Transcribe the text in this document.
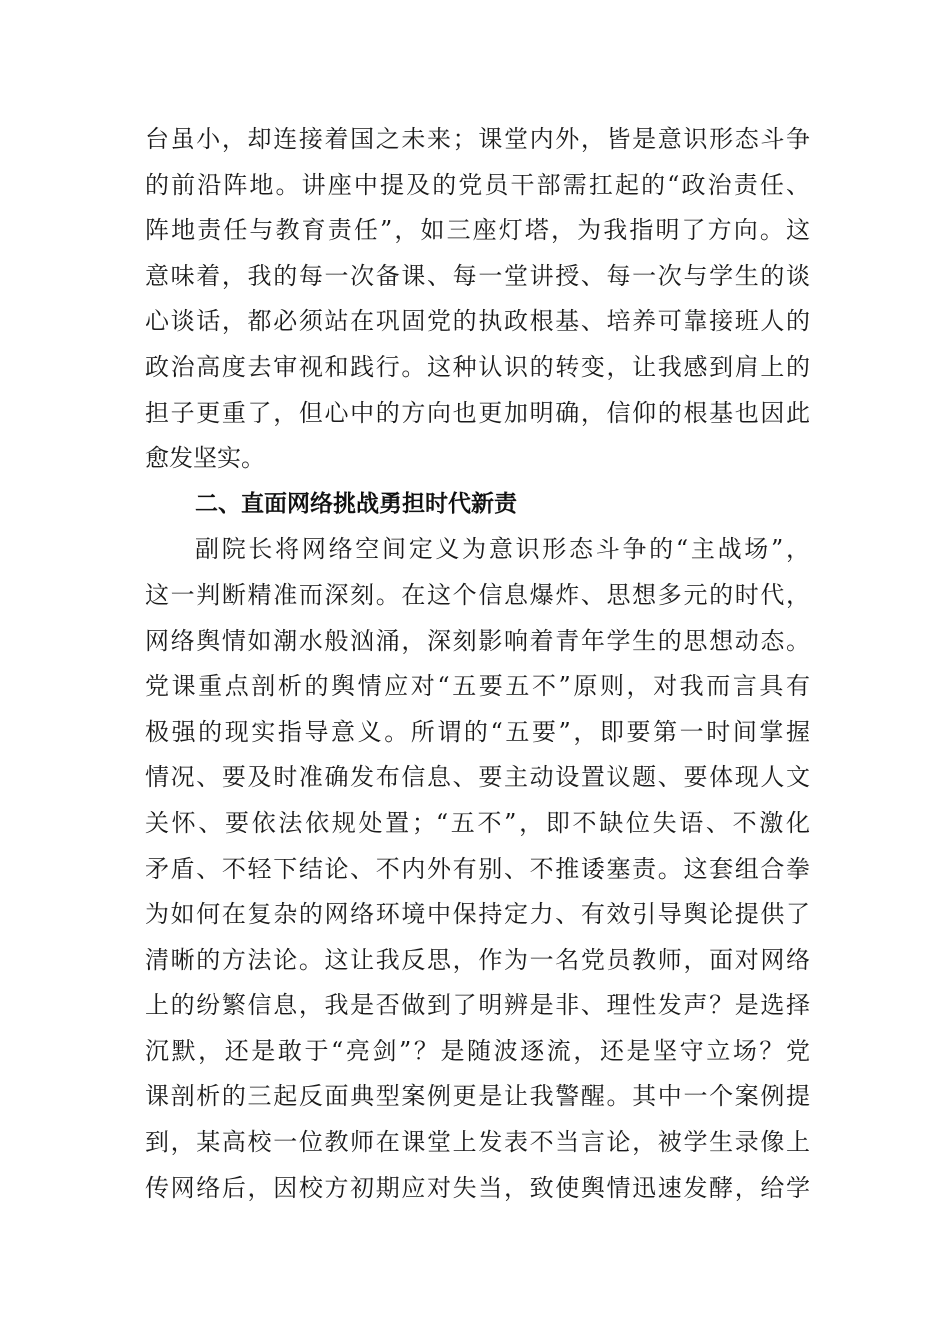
台虽小，却连接着国之未来；课堂内外，皆是意识形态斗争
的前沿阵地。讲座中提及的党员干部需扛起的“政治责任、
阵地责任与教育责任”，如三座灯塔，为我指明了方向。这
意味着，我的每一次备课、每一堂讲授、每一次与学生的谈
心谈话，都必须站在巩固党的执政根基、培养可靠接班人的
政治高度去审视和践行。这种认识的转变，让我感到肩上的
担子更重了，但心中的方向也更加明确，信仰的根基也因此
愈发坚实。
二、直面网络挑战勇担时代新责
副院长将网络空间定义为意识形态斗争的“主战场”，
这一判断精准而深刻。在这个信息爆炸、思想多元的时代，
网络舆情如潮水般汹涌，深刻影响着青年学生的思想动态。
党课重点剖析的舆情应对“五要五不”原则，对我而言具有
极强的现实指导意义。所谓的“五要”，即要第一时间掌握
情况、要及时准确发布信息、要主动设置议题、要体现人文
关怀、要依法依规处置；“五不”，即不缺位失语、不激化
矛盾、不轻下结论、不内外有别、不推诿塞责。这套组合拳
为如何在复杂的网络环境中保持定力、有效引导舆论提供了
清晰的方法论。这让我反思，作为一名党员教师，面对网络
上的纷繁信息，我是否做到了明辨是非、理性发声？是选择
沉默，还是敢于“亮剑”？是随波逐流，还是坚守立场？党
课剖析的三起反面典型案例更是让我警醒。其中一个案例提
到，某高校一位教师在课堂上发表不当言论，被学生录像上
传网络后，因校方初期应对失当，致使舆情迅速发酵，给学
